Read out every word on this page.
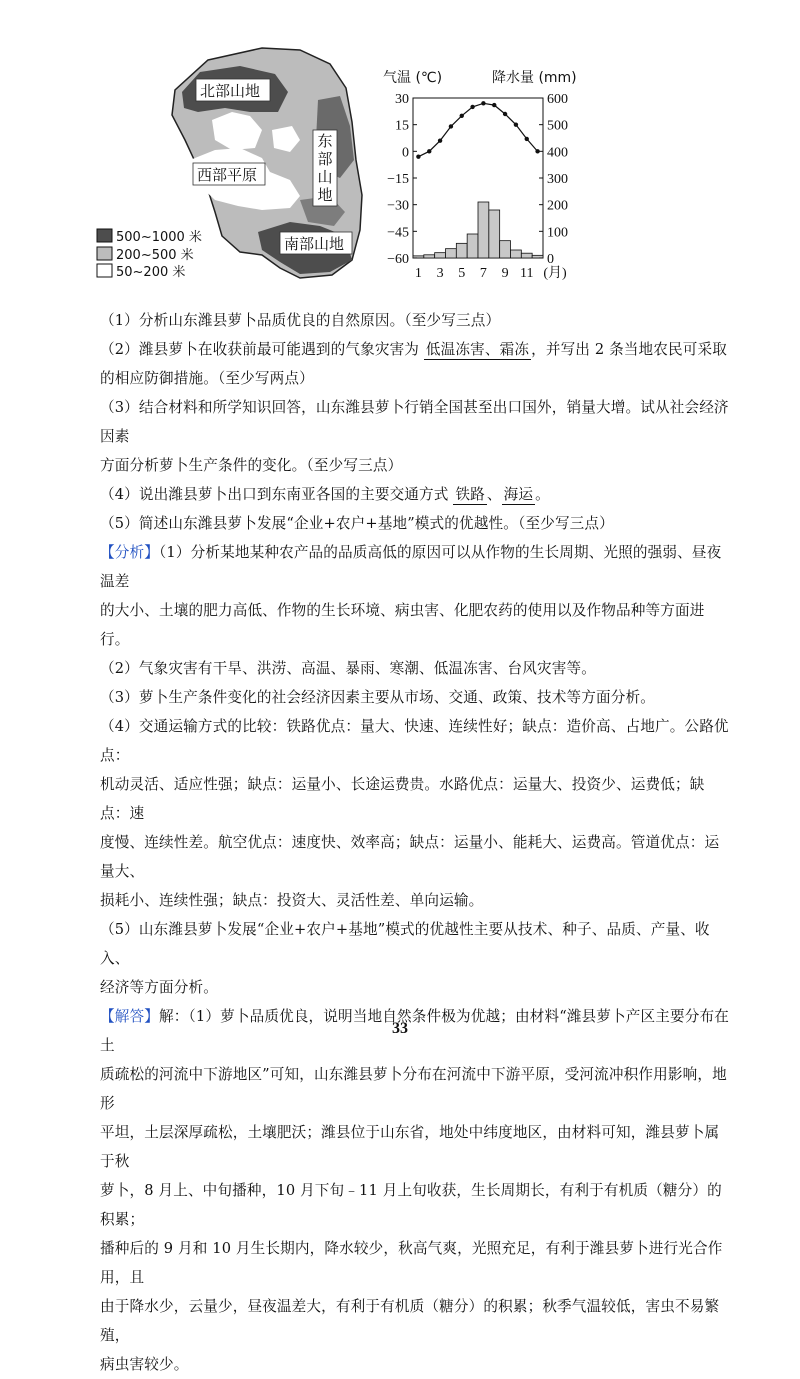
北部山地
西部平原
东
部
山
地
南部山地
500~1000 米
200~500 米
50~200 米
气温 (℃)	降水量 (mm)
30
15
0
−15
−30
−45
−60
600
500
400
300
200
100
0
1 3 5 7 9 11 (月)

（1）分析山东潍县萝卜品质优良的自然原因。（至少写三点）

（2）潍县萝卜在收获前最可能遇到的气象灾害为 低温冻害、霜冻 ，并写出 2 条当地农民可采取

的相应防御措施。（至少写两点）

（3）结合材料和所学知识回答，山东潍县萝卜行销全国甚至出口国外，销量大增。试从社会经济因素

方面分析萝卜生产条件的变化。（至少写三点）

（4）说出潍县萝卜出口到东南亚各国的主要交通方式 铁路 、 海运 。

（5）简述山东潍县萝卜发展“企业+农户+基地”模式的优越性。（至少写三点）

【分析】（1）分析某地某种农产品的品质高低的原因可以从作物的生长周期、光照的强弱、昼夜温差

的大小、土壤的肥力高低、作物的生长环境、病虫害、化肥农药的使用以及作物品种等方面进行。

（2）气象灾害有干旱、洪涝、高温、暴雨、寒潮、低温冻害、台风灾害等。

（3）萝卜生产条件变化的社会经济因素主要从市场、交通、政策、技术等方面分析。

（4）交通运输方式的比较：铁路优点：量大、快速、连续性好；缺点：造价高、占地广。公路优点：

机动灵活、适应性强；缺点：运量小、长途运费贵。水路优点：运量大、投资少、运费低；缺点：速

度慢、连续性差。航空优点：速度快、效率高；缺点：运量小、能耗大、运费高。管道优点：运量大、

损耗小、连续性强；缺点：投资大、灵活性差、单向运输。

（5）山东潍县萝卜发展“企业+农户+基地”模式的优越性主要从技术、种子、品质、产量、收入、

经济等方面分析。

【解答】解：（1）萝卜品质优良，说明当地自然条件极为优越；由材料“潍县萝卜产区主要分布在土

质疏松的河流中下游地区”可知，山东潍县萝卜分布在河流中下游平原，受河流冲积作用影响，地形

平坦，土层深厚疏松，土壤肥沃；潍县位于山东省，地处中纬度地区，由材料可知，潍县萝卜属于秋

萝卜，8 月上、中旬播种，10 月下旬﹣11 月上旬收获，生长周期长，有利于有机质（糖分）的积累；

播种后的 9 月和 10 月生长期内，降水较少，秋高气爽，光照充足，有利于潍县萝卜进行光合作用，且

由于降水少，云量少，昼夜温差大，有利于有机质（糖分）的积累；秋季气温较低，害虫不易繁殖，

病虫害较少。

33
